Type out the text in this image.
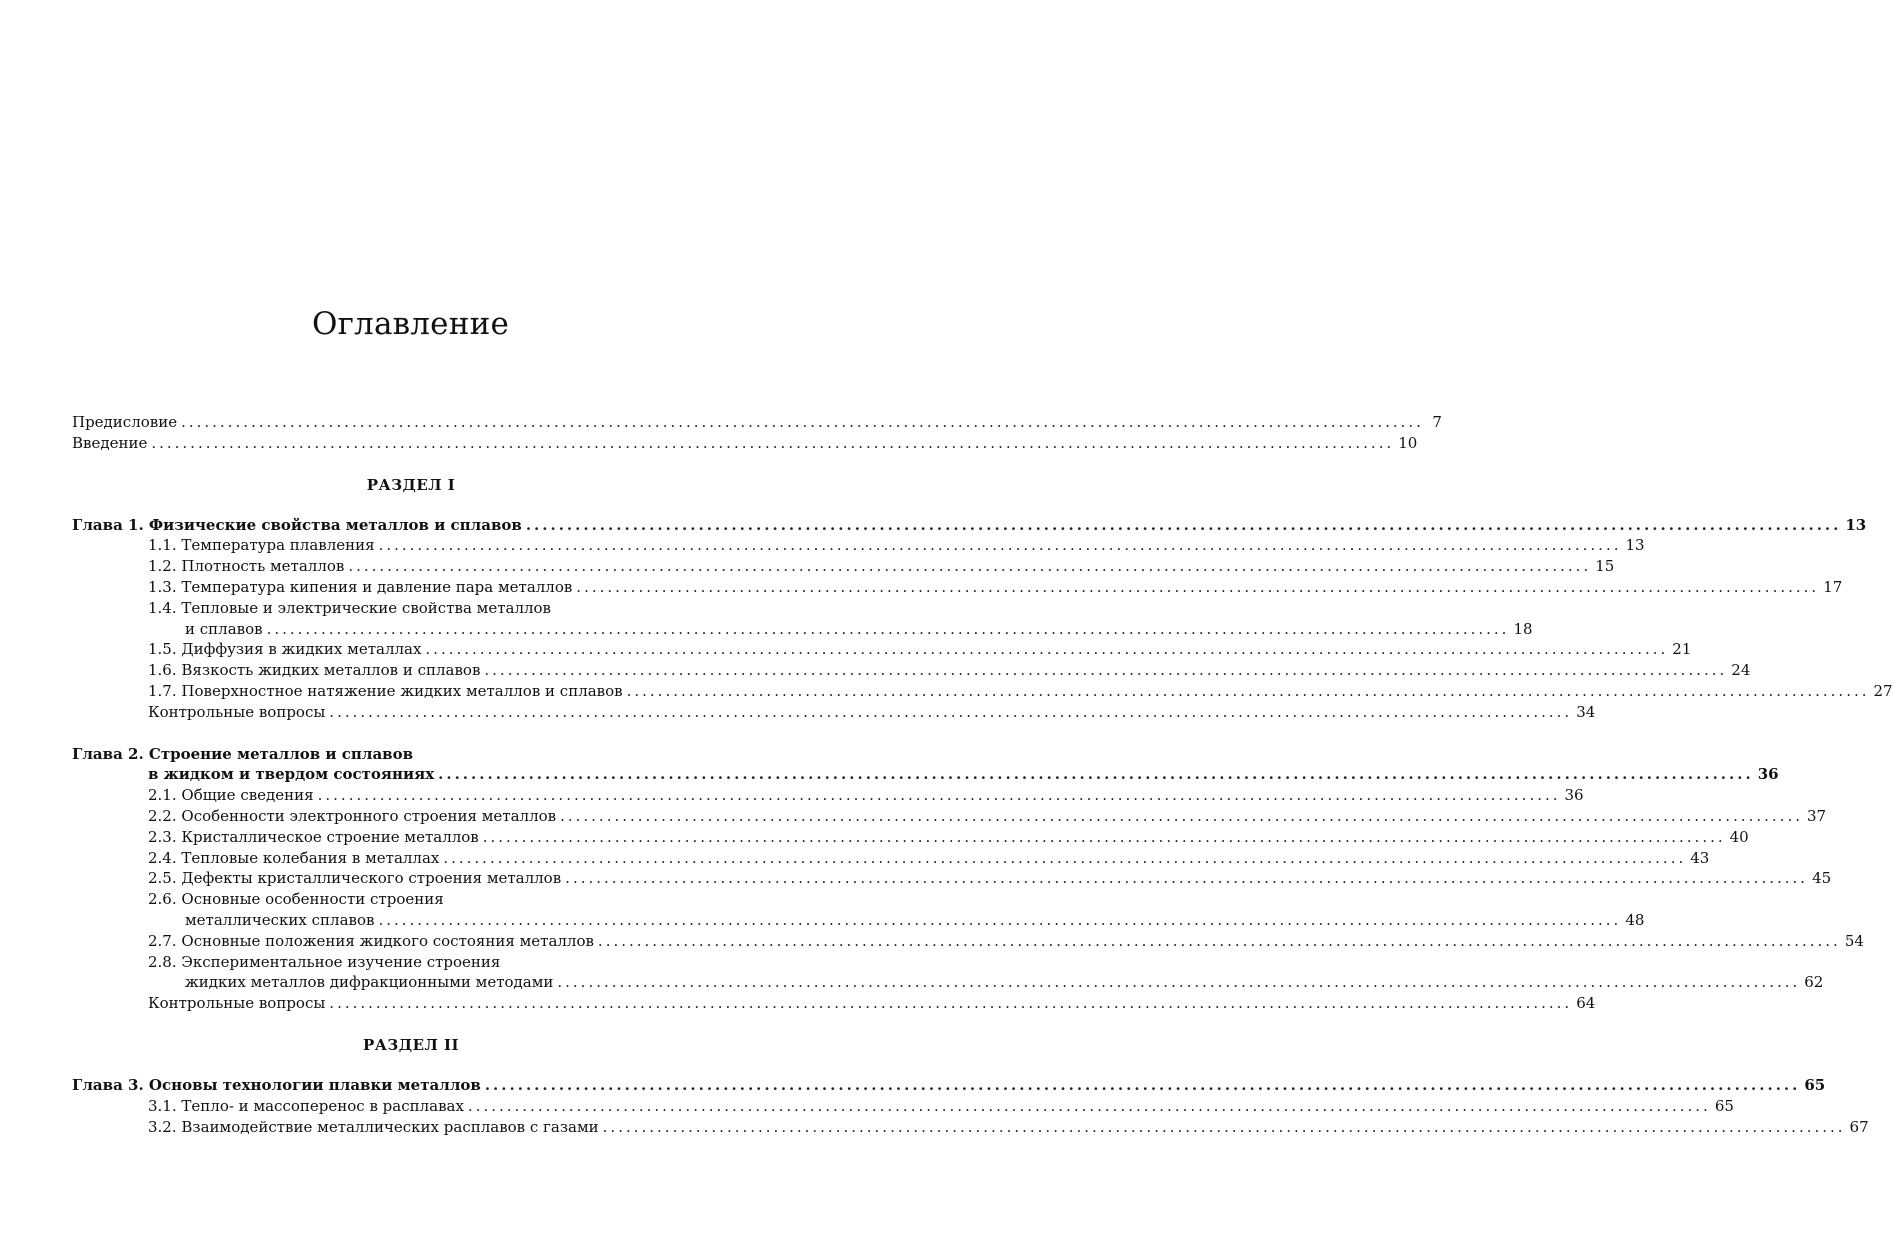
Оглавление
Предисловие ................................................................................................................................................................ 7
Введение ................................................................................................................................................................ 10
РАЗДЕЛ I
Глава 1. Физические свойства металлов и сплавов ................................................................................................................................................................ 13
1.1. Температура плавления ................................................................................................................................................................ 13
1.2. Плотность металлов ................................................................................................................................................................ 15
1.3. Температура кипения и давление пара металлов ................................................................................................................................................................ 17
1.4. Тепловые и электрические свойства металлов
и сплавов ................................................................................................................................................................ 18
1.5. Диффузия в жидких металлах ................................................................................................................................................................ 21
1.6. Вязкость жидких металлов и сплавов ................................................................................................................................................................ 24
1.7. Поверхностное натяжение жидких металлов и сплавов ................................................................................................................................................................ 27
Контрольные вопросы ................................................................................................................................................................ 34
Глава 2. Строение металлов и сплавов
в жидком и твердом состояниях ................................................................................................................................................................ 36
2.1. Общие сведения ................................................................................................................................................................ 36
2.2. Особенности электронного строения металлов ................................................................................................................................................................ 37
2.3. Кристаллическое строение металлов ................................................................................................................................................................ 40
2.4. Тепловые колебания в металлах ................................................................................................................................................................ 43
2.5. Дефекты кристаллического строения металлов ................................................................................................................................................................ 45
2.6. Основные особенности строения
металлических сплавов ................................................................................................................................................................ 48
2.7. Основные положения жидкого состояния металлов ................................................................................................................................................................ 54
2.8. Экспериментальное изучение строения
жидких металлов дифракционными методами ................................................................................................................................................................ 62
Контрольные вопросы ................................................................................................................................................................ 64
РАЗДЕЛ II
Глава 3. Основы технологии плавки металлов ................................................................................................................................................................ 65
3.1. Тепло- и массоперенос в расплавах ................................................................................................................................................................ 65
3.2. Взаимодействие металлических расплавов с газами ................................................................................................................................................................ 67
